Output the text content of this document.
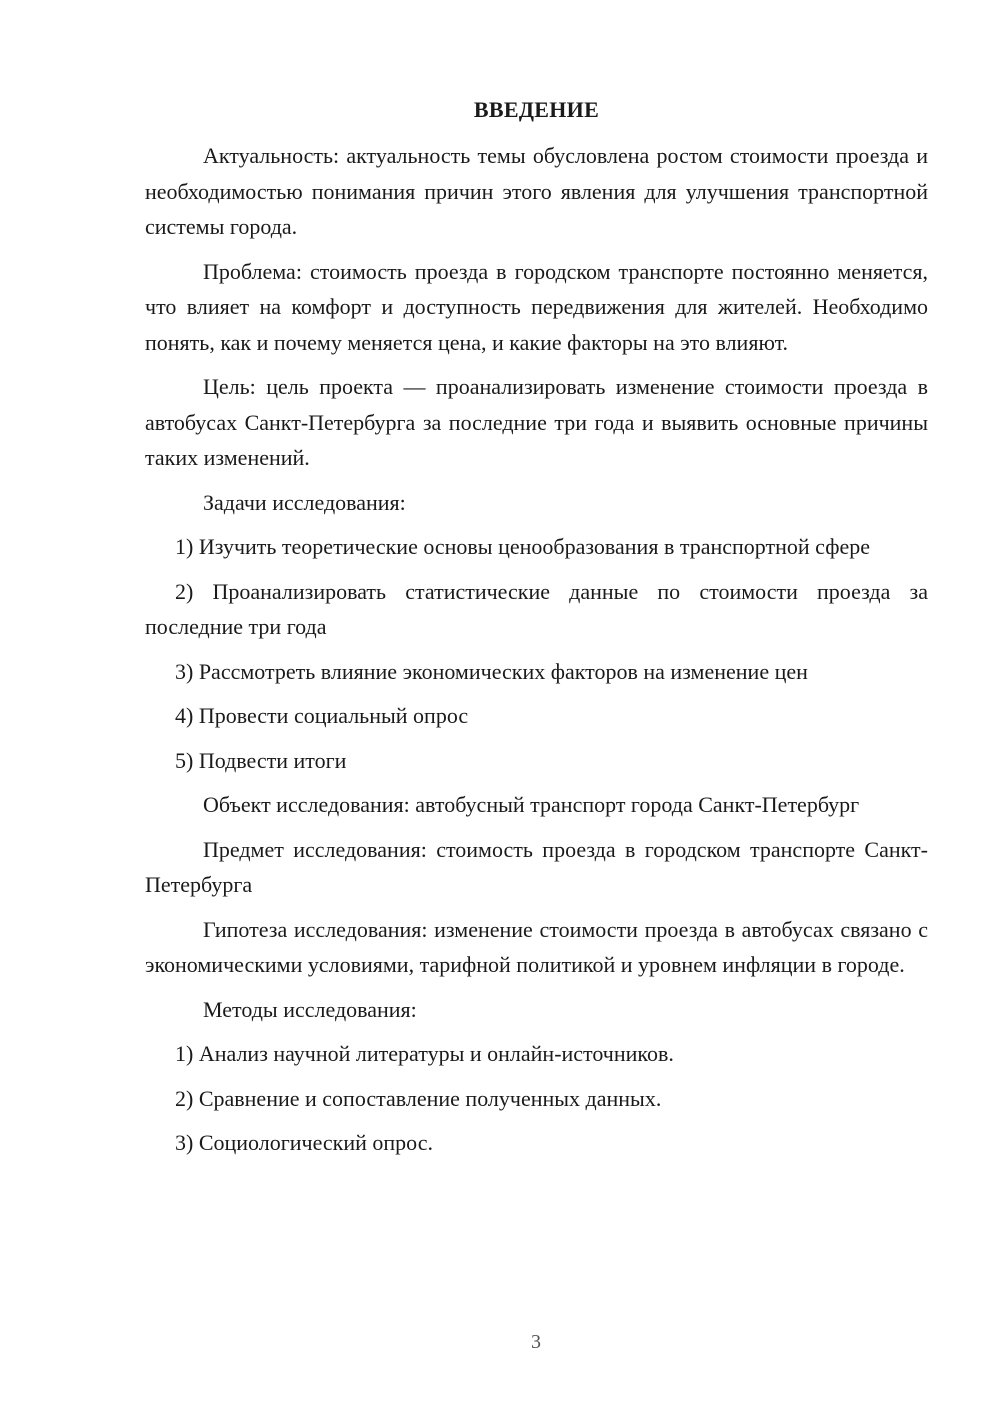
ВВЕДЕНИЕ

Актуальность: актуальность темы обусловлена ростом стоимости проезда и необходимостью понимания причин этого явления для улучшения транспортной системы города.

Проблема: стоимость проезда в городском транспорте постоянно меняется, что влияет на комфорт и доступность передвижения для жителей. Необходимо понять, как и почему меняется цена, и какие факторы на это влияют.

Цель: цель проекта — проанализировать изменение стоимости проезда в автобусах Санкт-Петербурга за последние три года и выявить основные причины таких изменений.

Задачи исследования:

1) Изучить теоретические основы ценообразования в транспортной сфере

2) Проанализировать статистические данные по стоимости проезда за последние три года

3) Рассмотреть влияние экономических факторов на изменение цен

4) Провести социальный опрос

5) Подвести итоги

Объект исследования: автобусный транспорт города Санкт-Петербург

Предмет исследования: стоимость проезда в городском транспорте Санкт-Петербурга

Гипотеза исследования: изменение стоимости проезда в автобусах связано с экономическими условиями, тарифной политикой и уровнем инфляции в городе.

Методы исследования:

1) Анализ научной литературы и онлайн-источников.

2) Сравнение и сопоставление полученных данных.

3) Социологический опрос.

3
